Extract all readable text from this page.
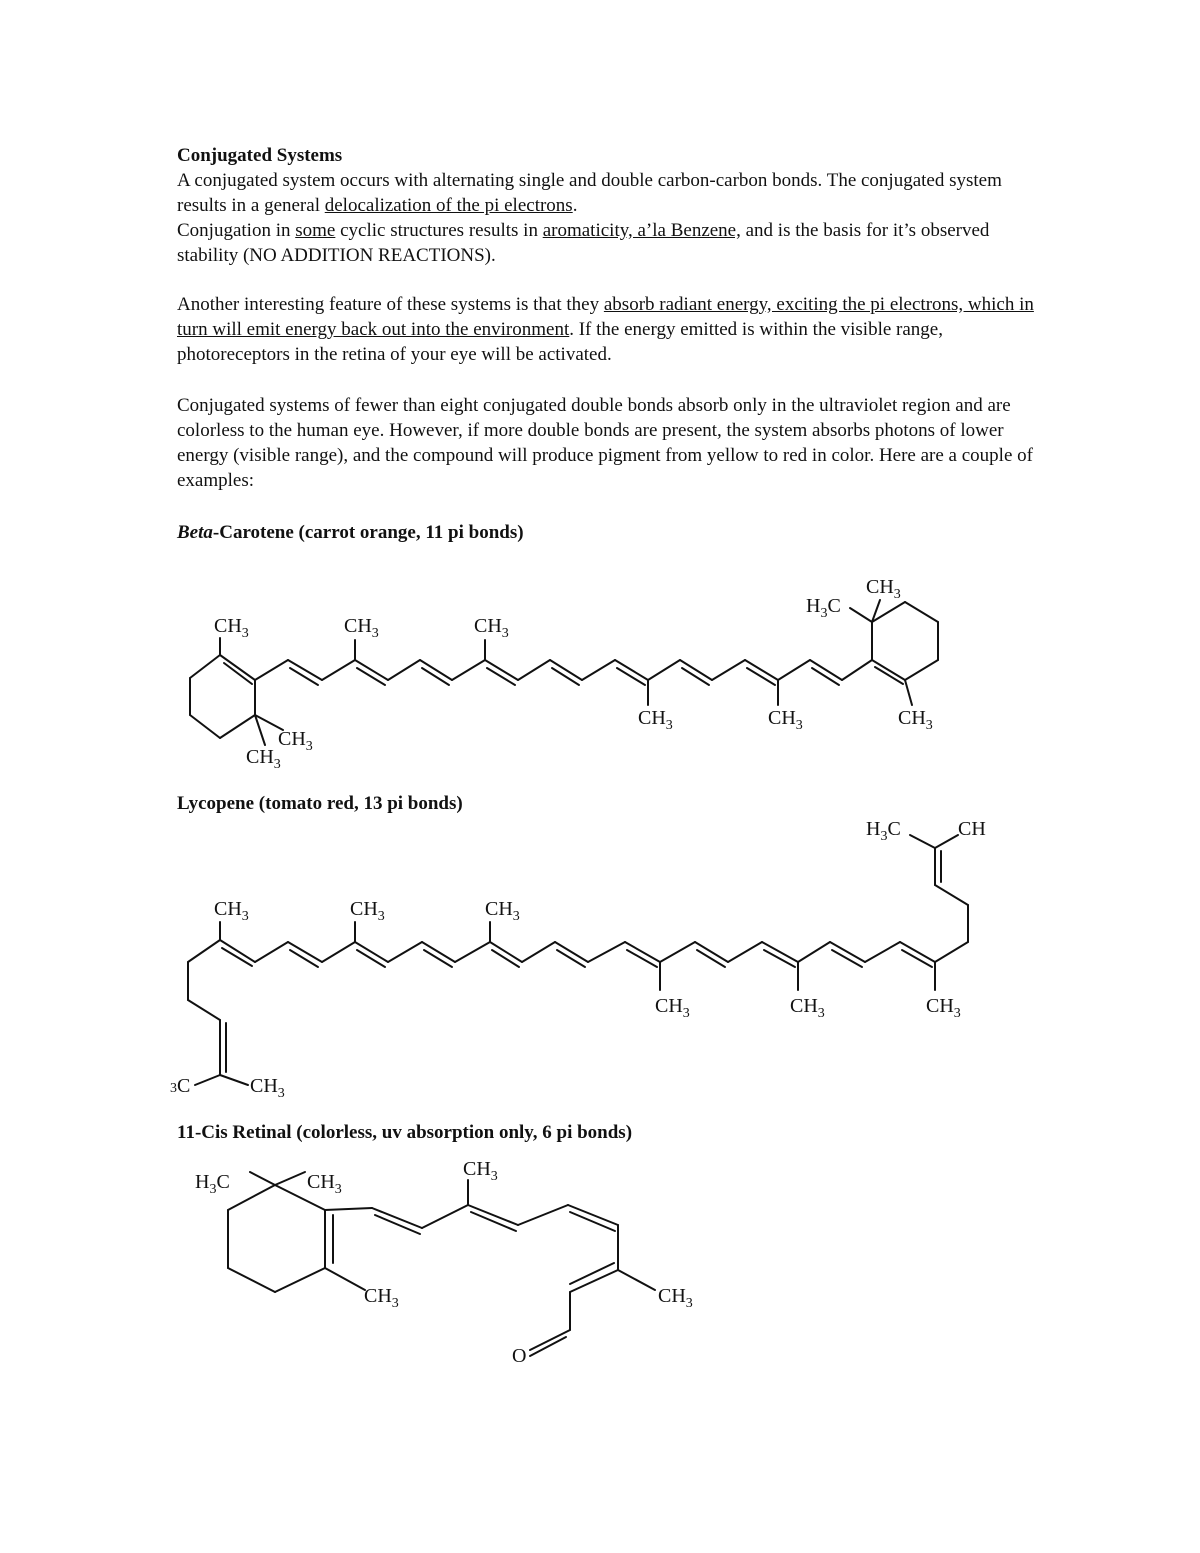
Conjugated Systems

A conjugated system occurs with alternating single and double carbon-carbon bonds. The conjugated system results in a general delocalization of the pi electrons.

Conjugation in some cyclic structures results in aromaticity, a’la Benzene, and is the basis for it’s observed stability (NO ADDITION REACTIONS).

Another interesting feature of these systems is that they absorb radiant energy, exciting the pi electrons, which in turn will emit energy back out into the environment. If the energy emitted is within the visible range, photoreceptors in the retina of your eye will be activated.

Conjugated systems of fewer than eight conjugated double bonds absorb only in the ultraviolet region and are colorless to the human eye. However, if more double bonds are present, the system absorbs photons of lower energy (visible range), and the compound will produce pigment from yellow to red in color. Here are a couple of examples:

Beta-Carotene (carrot orange, 11 pi bonds)
$CH_3$
$CH_3$
$CH_3$
$CH_3$	$CH_3$
$CH_3$	$CH_3$	$CH_3$
$CH_3$
$H_3C$
Lycopene (tomato red, 13 pi bonds)
$CH_3$	$CH_3$	$CH_3$
$CH_3$	$CH_3$	$CH_3$
$H_3C$	CH
3C	$CH_3$
11-Cis Retinal (colorless, uv absorption only, 6 pi bonds)
$H_3C$	$CH_3$
$CH_3$
$CH_3$	$CH_3$
O
